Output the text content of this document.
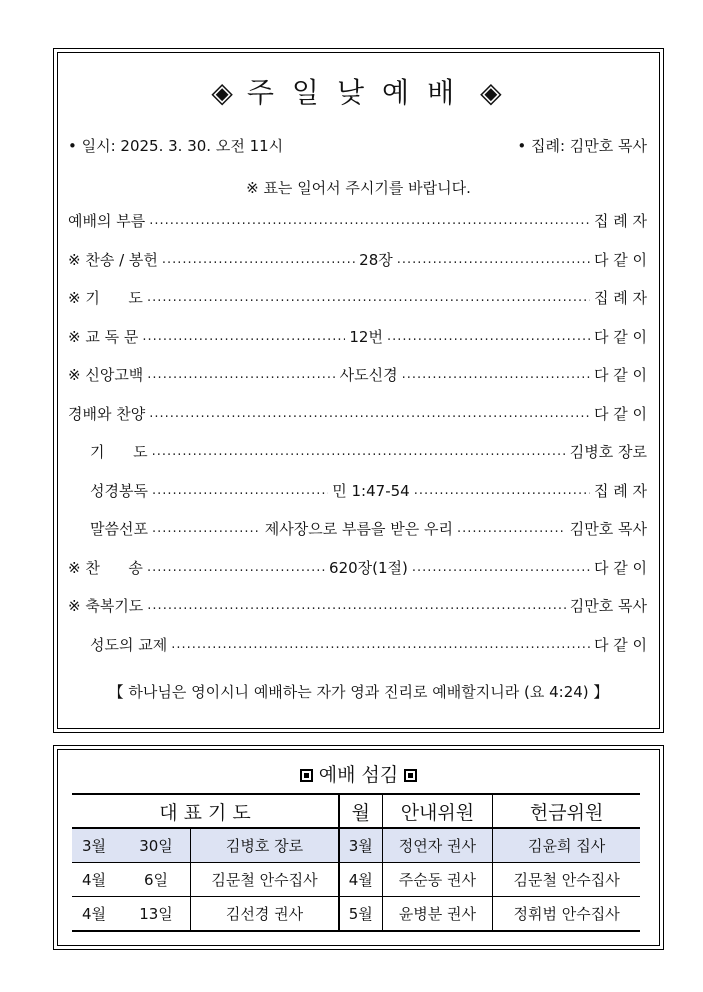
◈ 주일낮예배 ◈
• 일시: 2025. 3. 30. 오전 11시	• 집례: 김만호 목사
※ 표는 일어서 주시기를 바랍니다.
예배의 부름 .....	집 례 자
※ 찬송 / 봉헌 .....	28장 .....	다 같 이
※ 기      도 .....	집 례 자
※ 교 독 문 .....	12번 .....	다 같 이
※ 신앙고백 .....	사도신경 .....	다 같 이
경배와 찬양 .....	다 같 이
기      도 .....	김병호 장로
성경봉독 .....	민 1:47-54 .....	집 례 자
말씀선포 .....	제사장으로 부름을 받은 우리 .....	김만호 목사
※ 찬      송 .....	620장(1절) .....	다 같 이
※ 축복기도 .....	김만호 목사
성도의 교제 .....	다 같 이
【 하나님은 영이시니 예배하는 자가 영과 진리로 예배할지니라 (요 4:24) 】
예배 섬김
대 표 기 도			월	안내위원	헌금위원
3월	30일	김병호 장로	3월	정연자 권사	김윤희 집사
4월	6일	김문철 안수집사	4월	주순동 권사	김문철 안수집사
4월	13일	김선경 권사	5월	윤병분 권사	정휘범 안수집사
